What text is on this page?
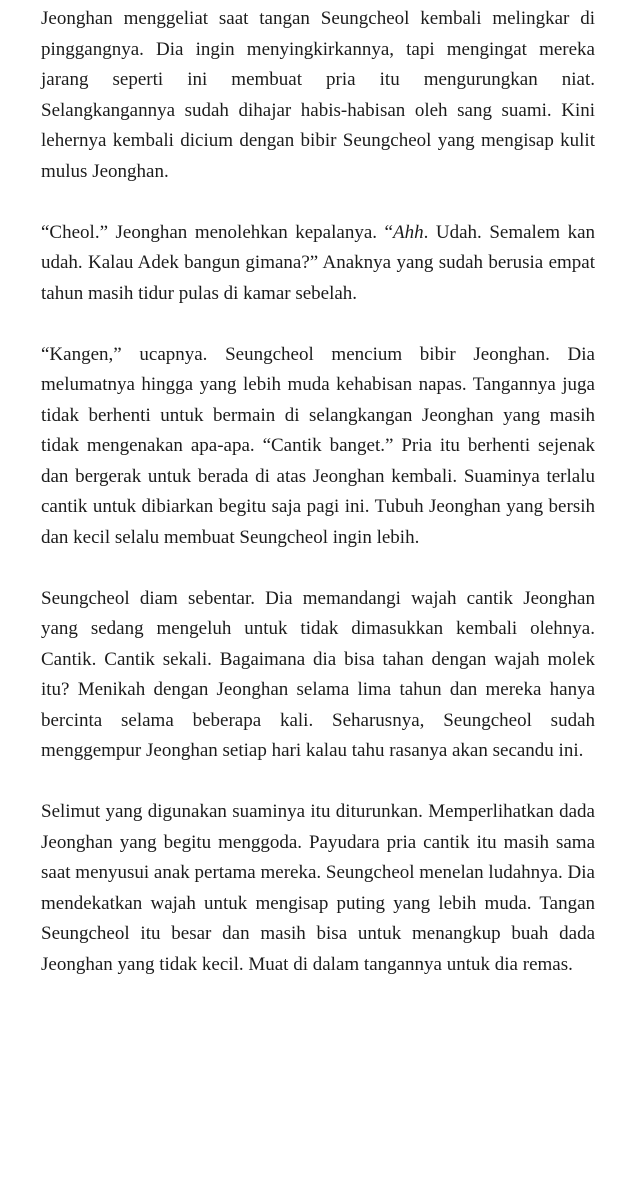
Jeonghan menggeliat saat tangan Seungcheol kembali melingkar di pinggangnya. Dia ingin menyingkirkannya, tapi mengingat mereka jarang seperti ini membuat pria itu mengurungkan niat. Selangkangannya sudah dihajar habis-habisan oleh sang suami. Kini lehernya kembali dicium dengan bibir Seungcheol yang mengisap kulit mulus Jeonghan.

“Cheol.” Jeonghan menolehkan kepalanya. “Ahh. Udah. Semalem kan udah. Kalau Adek bangun gimana?” Anaknya yang sudah berusia empat tahun masih tidur pulas di kamar sebelah.

“Kangen,” ucapnya. Seungcheol mencium bibir Jeonghan. Dia melumatnya hingga yang lebih muda kehabisan napas. Tangannya juga tidak berhenti untuk bermain di selangkangan Jeonghan yang masih tidak mengenakan apa-apa. “Cantik banget.” Pria itu berhenti sejenak dan bergerak untuk berada di atas Jeonghan kembali. Suaminya terlalu cantik untuk dibiarkan begitu saja pagi ini. Tubuh Jeonghan yang bersih dan kecil selalu membuat Seungcheol ingin lebih.

Seungcheol diam sebentar. Dia memandangi wajah cantik Jeonghan yang sedang mengeluh untuk tidak dimasukkan kembali olehnya. Cantik. Cantik sekali. Bagaimana dia bisa tahan dengan wajah molek itu? Menikah dengan Jeonghan selama lima tahun dan mereka hanya bercinta selama beberapa kali. Seharusnya, Seungcheol sudah menggempur Jeonghan setiap hari kalau tahu rasanya akan secandu ini.

Selimut yang digunakan suaminya itu diturunkan. Memperlihatkan dada Jeonghan yang begitu menggoda. Payudara pria cantik itu masih sama saat menyusui anak pertama mereka. Seungcheol menelan ludahnya. Dia mendekatkan wajah untuk mengisap puting yang lebih muda. Tangan Seungcheol itu besar dan masih bisa untuk menangkup buah dada Jeonghan yang tidak kecil. Muat di dalam tangannya untuk dia remas.
